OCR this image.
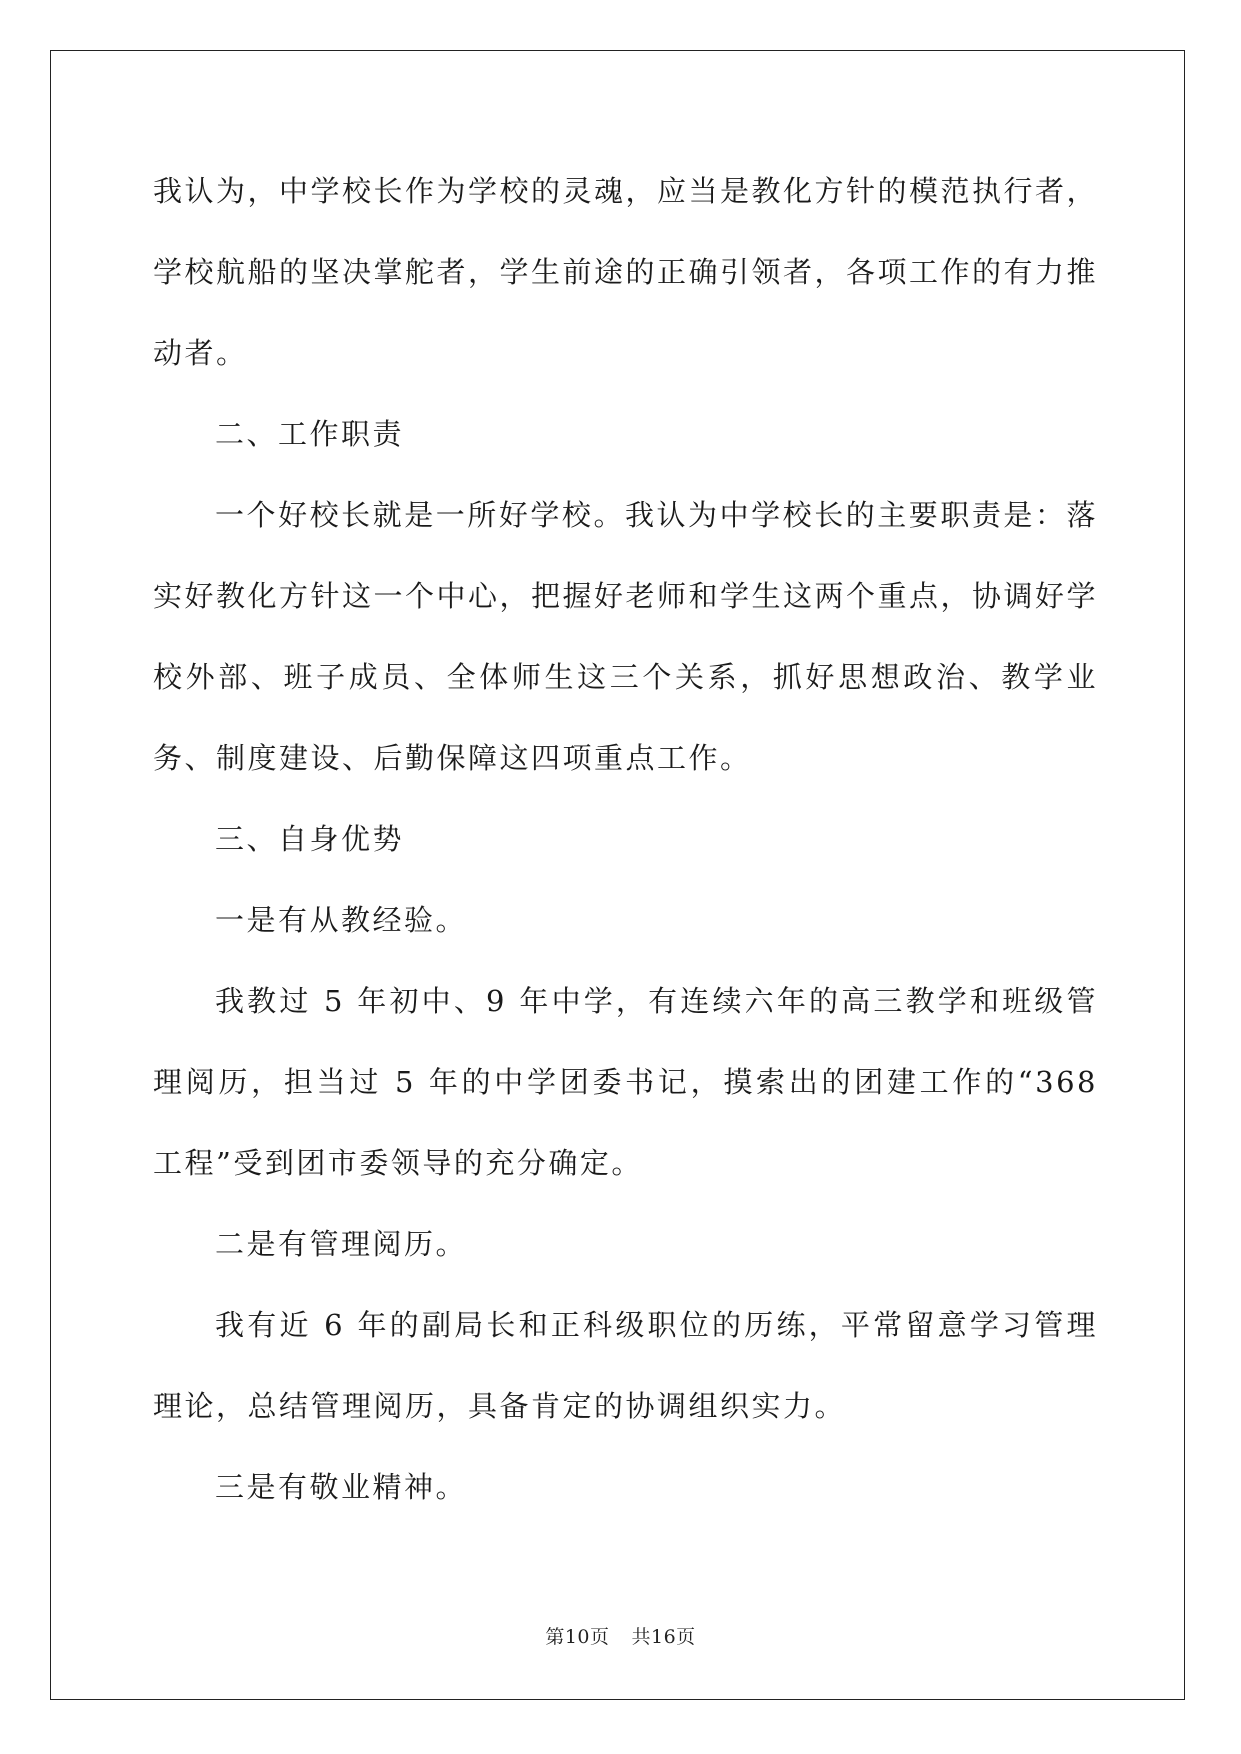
我认为，中学校长作为学校的灵魂，应当是教化方针的模范执行者，学校航船的坚决掌舵者，学生前途的正确引领者，各项工作的有力推动者。

二、工作职责

一个好校长就是一所好学校。我认为中学校长的主要职责是：落实好教化方针这一个中心，把握好老师和学生这两个重点，协调好学校外部、班子成员、全体师生这三个关系，抓好思想政治、教学业务、制度建设、后勤保障这四项重点工作。

三、自身优势

一是有从教经验。

我教过 5 年初中、9 年中学，有连续六年的高三教学和班级管理阅历，担当过 5 年的中学团委书记，摸索出的团建工作的“368 工程”受到团市委领导的充分确定。

二是有管理阅历。

我有近 6 年的副局长和正科级职位的历练，平常留意学习管理理论，总结管理阅历，具备肯定的协调组织实力。

三是有敬业精神。

第10页 共16页
